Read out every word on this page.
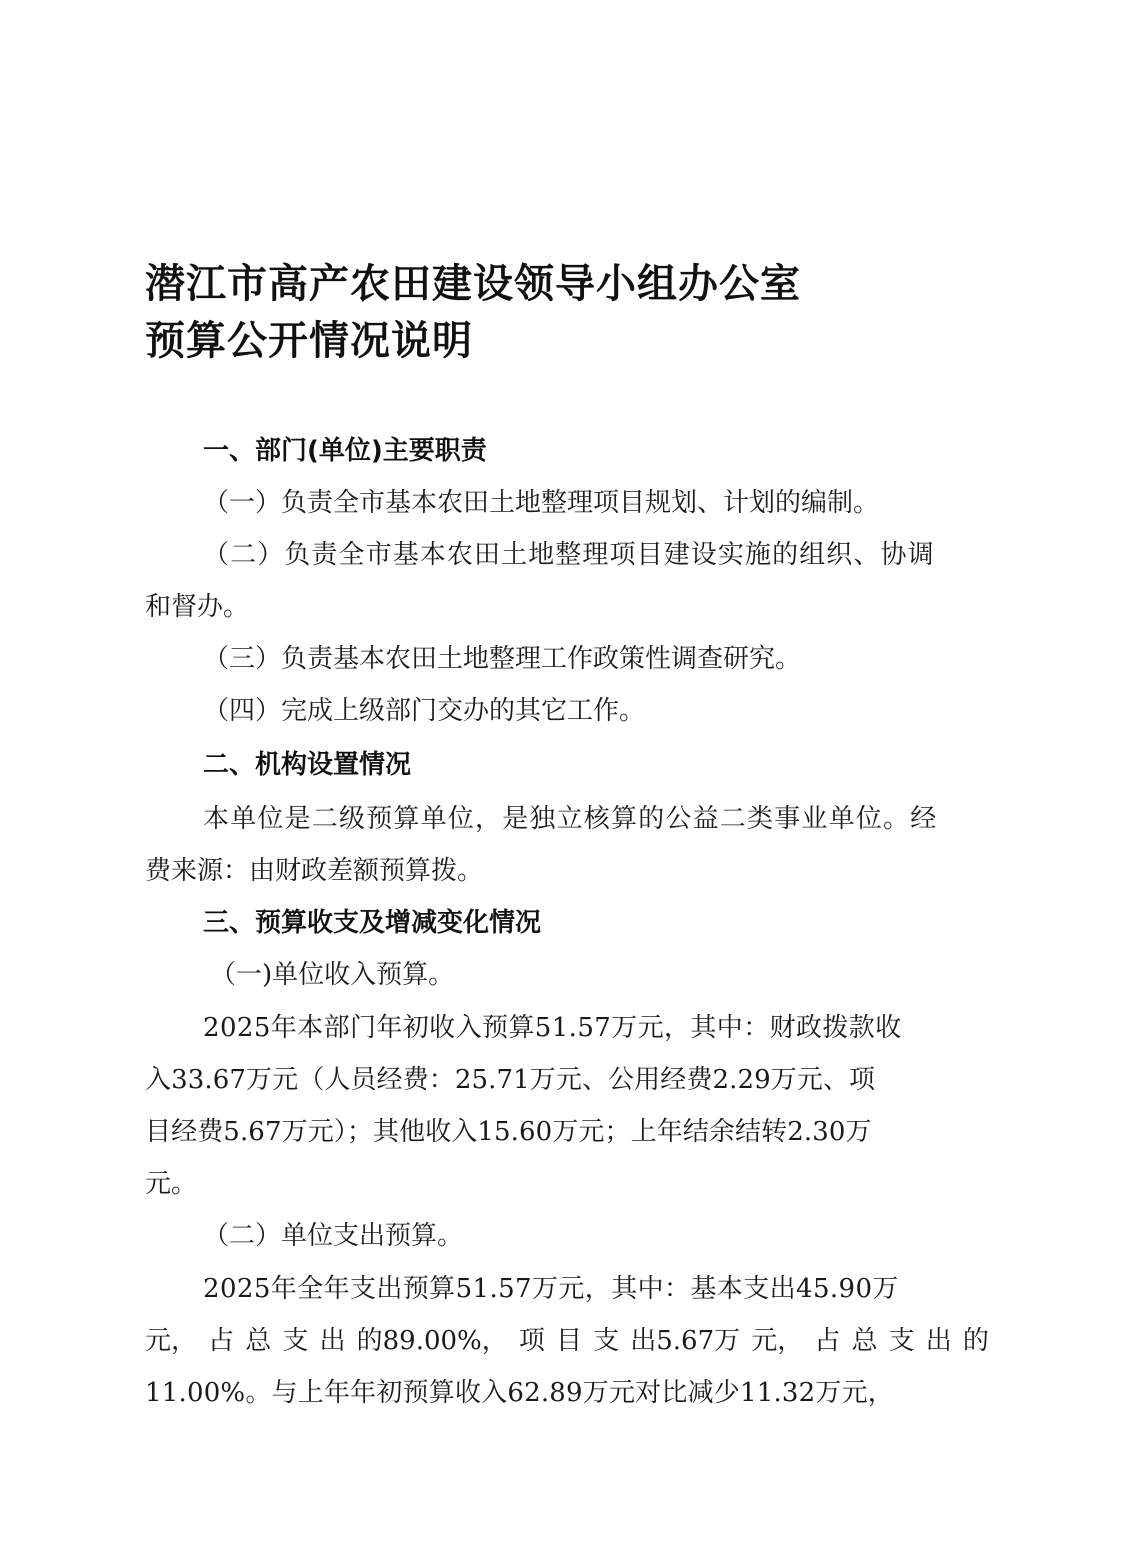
潜江市高产农田建设领导小组办公室
预算公开情况说明
一、部门(单位)主要职责
（一）负责全市基本农田土地整理项目规划、计划的编制。
（二）负责全市基本农田土地整理项目建设实施的组织、协调
和督办。
（三）负责基本农田土地整理工作政策性调查研究。
（四）完成上级部门交办的其它工作。
二、机构设置情况
本单位是二级预算单位，是独立核算的公益二类事业单位。经
费来源：由财政差额预算拨。
三、预算收支及增减变化情况
（一)单位收入预算。
2025年本部门年初收入预算51.57万元，其中：财政拨款收
入33.67万元（人员经费：25.71万元、公用经费2.29万元、项
目经费5.67万元）；其他收入15.60万元；上年结余结转2.30万
元。
（二）单位支出预算。
2025年全年支出预算51.57万元，其中：基本支出45.90万
元， 占 总 支 出 的89.00%， 项 目 支 出5.67万 元， 占 总 支 出 的
11.00%。与上年年初预算收入62.89万元对比减少11.32万元，
